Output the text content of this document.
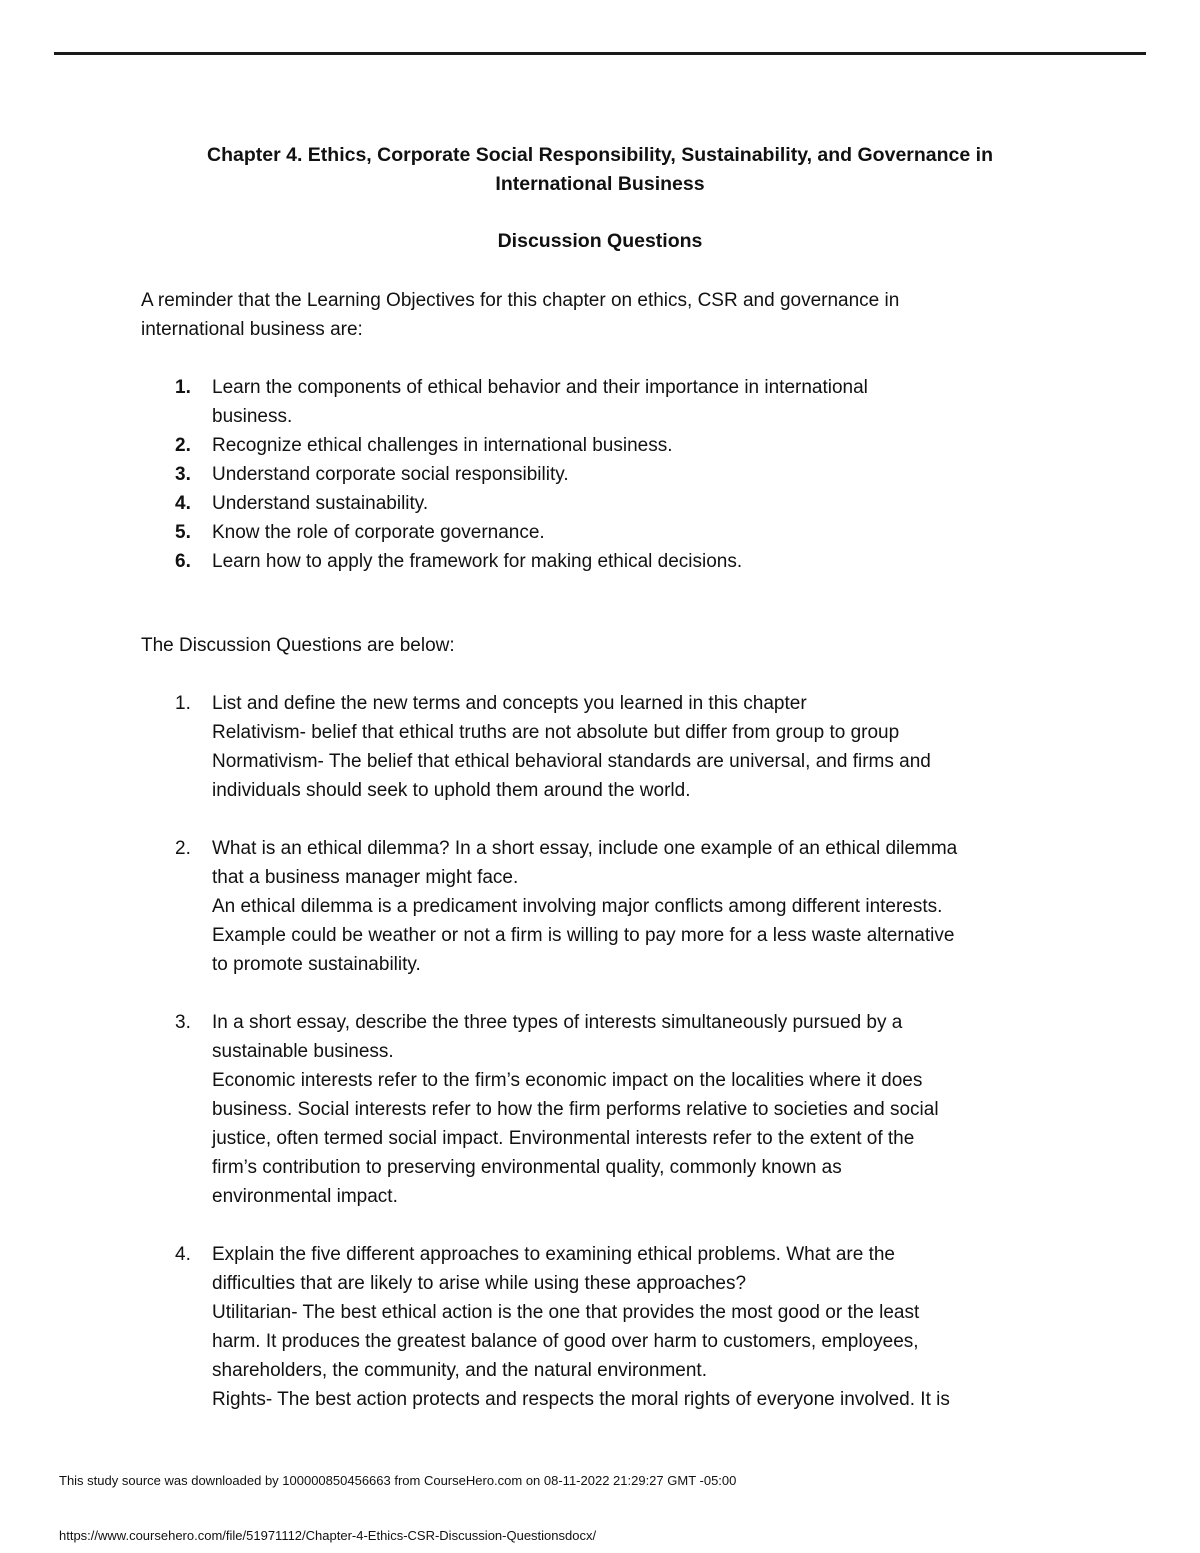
Chapter 4. Ethics, Corporate Social Responsibility, Sustainability, and Governance in
International Business
Discussion Questions
A reminder that the Learning Objectives for this chapter on ethics, CSR and governance in
international business are:
1. Learn the components of ethical behavior and their importance in international
business.
2. Recognize ethical challenges in international business.
3. Understand corporate social responsibility.
4. Understand sustainability.
5. Know the role of corporate governance.
6. Learn how to apply the framework for making ethical decisions.
The Discussion Questions are below:
1. List and define the new terms and concepts you learned in this chapter
Relativism- belief that ethical truths are not absolute but differ from group to group
Normativism- The belief that ethical behavioral standards are universal, and firms and
individuals should seek to uphold them around the world.
2. What is an ethical dilemma? In a short essay, include one example of an ethical dilemma
that a business manager might face.
An ethical dilemma is a predicament involving major conflicts among different interests.
Example could be weather or not a firm is willing to pay more for a less waste alternative
to promote sustainability.
3. In a short essay, describe the three types of interests simultaneously pursued by a
sustainable business.
Economic interests refer to the firm’s economic impact on the localities where it does
business. Social interests refer to how the firm performs relative to societies and social
justice, often termed social impact. Environmental interests refer to the extent of the
firm’s contribution to preserving environmental quality, commonly known as
environmental impact.
4. Explain the five different approaches to examining ethical problems. What are the
difficulties that are likely to arise while using these approaches?
Utilitarian- The best ethical action is the one that provides the most good or the least
harm. It produces the greatest balance of good over harm to customers, employees,
shareholders, the community, and the natural environment.
Rights- The best action protects and respects the moral rights of everyone involved. It is
This study source was downloaded by 100000850456663 from CourseHero.com on 08-11-2022 21:29:27 GMT -05:00
https://www.coursehero.com/file/51971112/Chapter-4-Ethics-CSR-Discussion-Questionsdocx/
